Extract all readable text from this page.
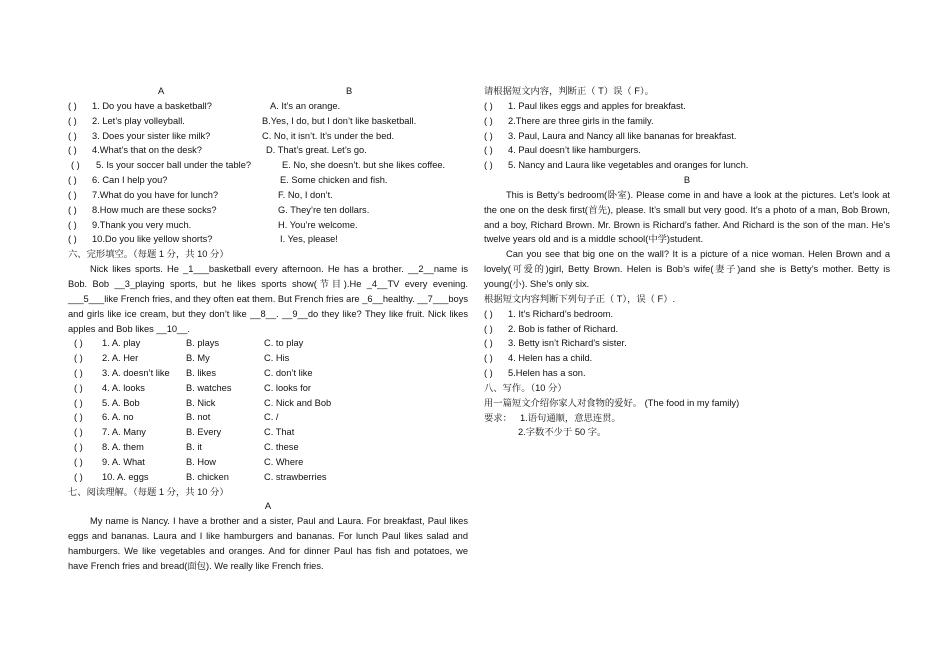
A	B
( ) 1. Do you have a basketball?	A. It’s an orange.
( ) 2. Let’s play volleyball.	B.Yes, I do, but I don’t like basketball.
( ) 3. Does your sister like milk?	C. No, it isn’t. It’s under the bed.
( ) 4.What’s that on the desk?	D. That’s great. Let’s go.
( ) 5. Is your soccer ball under the table?	E. No, she doesn’t. but she likes coffee.
( ) 6. Can I help you?	E. Some chicken and fish.
( ) 7.What do you have for lunch?	F. No, I don’t.
( ) 8.How much are these socks?	G. They’re ten dollars.
( ) 9.Thank you very much.	H. You’re welcome.
( ) 10.Do you like yellow shorts?	I. Yes, please!
六、完形填空。（每题 1 分，共 10 分）
Nick likes sports. He _1___basketball every afternoon. He has a brother. __2__name is Bob. Bob __3_playing sports, but he likes sports show(节目).He _4__TV every evening. ___5___like French fries, and they often eat them. But French fries are _6__healthy. __7___boys and girls like ice cream, but they don’t like __8__. __9__do they like? They like fruit. Nick likes apples and Bob likes __10__.
( ) 1. A. play	B. plays	C. to play
( ) 2. A. Her	B. My	C. His
( ) 3. A. doesn’t like B. likes	C. don’t like
( ) 4. A. looks	B. watches	C. looks for
( ) 5. A. Bob	B. Nick	C. Nick and Bob
( ) 6. A. no	B. not	C. /
( ) 7. A. Many	B. Every	C. That
( ) 8. A. them	B. it	C. these
( ) 9. A. What	B. How	C. Where
( ) 10. A. eggs	B. chicken	C. strawberries
七、阅读理解。（每题 1 分，共 10 分）
A
My name is Nancy. I have a brother and a sister, Paul and Laura. For breakfast, Paul likes eggs and bananas. Laura and I like hamburgers and bananas. For lunch Paul likes salad and hamburgers. We like vegetables and oranges. And for dinner Paul has fish and potatoes, we have French fries and bread(面包). We really like French fries.
请根据短文内容，判断正（ T）误（ F）。
( ) 1. Paul likes eggs and apples for breakfast.
( ) 2.There are three girls in the family.
( ) 3. Paul, Laura and Nancy all like bananas for breakfast.
( ) 4. Paul doesn’t like hamburgers.
( ) 5. Nancy and Laura like vegetables and oranges for lunch.
B
This is Betty’s bedroom(卧室). Please come in and have a look at the pictures. Let’s look at the one on the desk first(首先), please. It’s small but very good. It’s a photo of a man, Bob Brown, and a boy, Richard Brown. Mr. Brown is Richard’s father. And Richard is the son of the man. He’s twelve years old and is a middle school(中学)student.
Can you see that big one on the wall? It is a picture of a nice woman. Helen Brown and a lovely(可爱的)girl, Betty Brown. Helen is Bob’s wife(妻子)and she is Betty’s mother. Betty is young(小). She’s only six.
根据短文内容判断下列句子正（ T），误（ F）.
( ) 1. It’s Richard’s bedroom.
( ) 2. Bob is father of Richard.
( ) 3. Betty isn’t Richard’s sister.
( ) 4. Helen has a child.
( ) 5.Helen has a son.
八、写作。（10 分）
用一篇短文介绍你家人对食物的爱好。 (The food in my family)
要求： 1.语句通顺，意思连贯。
2.字数不少于 50 字。
